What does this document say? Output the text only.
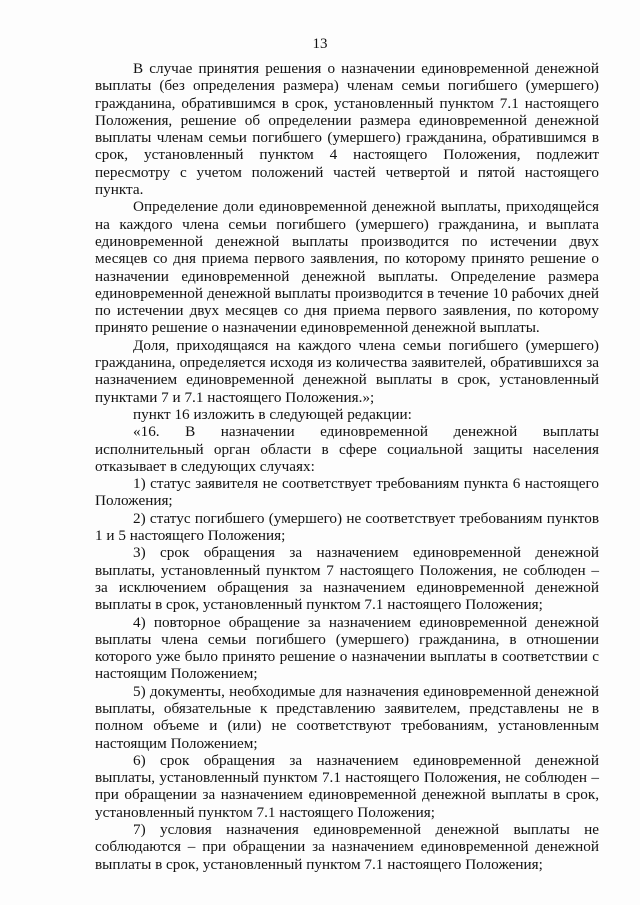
13

В случае принятия решения о назначении единовременной денежной выплаты (без определения размера) членам семьи погибшего (умершего) гражданина, обратившимся в срок, установленный пунктом 7.1 настоящего Положения, решение об определении размера единовременной денежной выплаты членам семьи погибшего (умершего) гражданина, обратившимся в срок, установленный пунктом 4 настоящего Положения, подлежит пересмотру с учетом положений частей четвертой и пятой настоящего пункта.

Определение доли единовременной денежной выплаты, приходящейся на каждого члена семьи погибшего (умершего) гражданина, и выплата единовременной денежной выплаты производится по истечении двух месяцев со дня приема первого заявления, по которому принято решение о назначении единовременной денежной выплаты. Определение размера единовременной денежной выплаты производится в течение 10 рабочих дней по истечении двух месяцев со дня приема первого заявления, по которому принято решение о назначении единовременной денежной выплаты.

Доля, приходящаяся на каждого члена семьи погибшего (умершего) гражданина, определяется исходя из количества заявителей, обратившихся за назначением единовременной денежной выплаты в срок, установленный пунктами 7 и 7.1 настоящего Положения.»;

пункт 16 изложить в следующей редакции:

«16. В назначении единовременной денежной выплаты исполнительный орган области в сфере социальной защиты населения отказывает в следующих случаях:

1) статус заявителя не соответствует требованиям пункта 6 настоящего Положения;

2) статус погибшего (умершего) не соответствует требованиям пунктов 1 и 5 настоящего Положения;

3) срок обращения за назначением единовременной денежной выплаты, установленный пунктом 7 настоящего Положения, не соблюден – за исключением обращения за назначением единовременной денежной выплаты в срок, установленный пунктом 7.1 настоящего Положения;

4) повторное обращение за назначением единовременной денежной выплаты члена семьи погибшего (умершего) гражданина, в отношении которого уже было принято решение о назначении выплаты в соответствии с настоящим Положением;

5) документы, необходимые для назначения единовременной денежной выплаты, обязательные к представлению заявителем, представлены не в полном объеме и (или) не соответствуют требованиям, установленным настоящим Положением;

6) срок обращения за назначением единовременной денежной выплаты, установленный пунктом 7.1 настоящего Положения, не соблюден – при обращении за назначением единовременной денежной выплаты в срок, установленный пунктом 7.1 настоящего Положения;

7) условия назначения единовременной денежной выплаты не соблюдаются – при обращении за назначением единовременной денежной выплаты в срок, установленный пунктом 7.1 настоящего Положения;
